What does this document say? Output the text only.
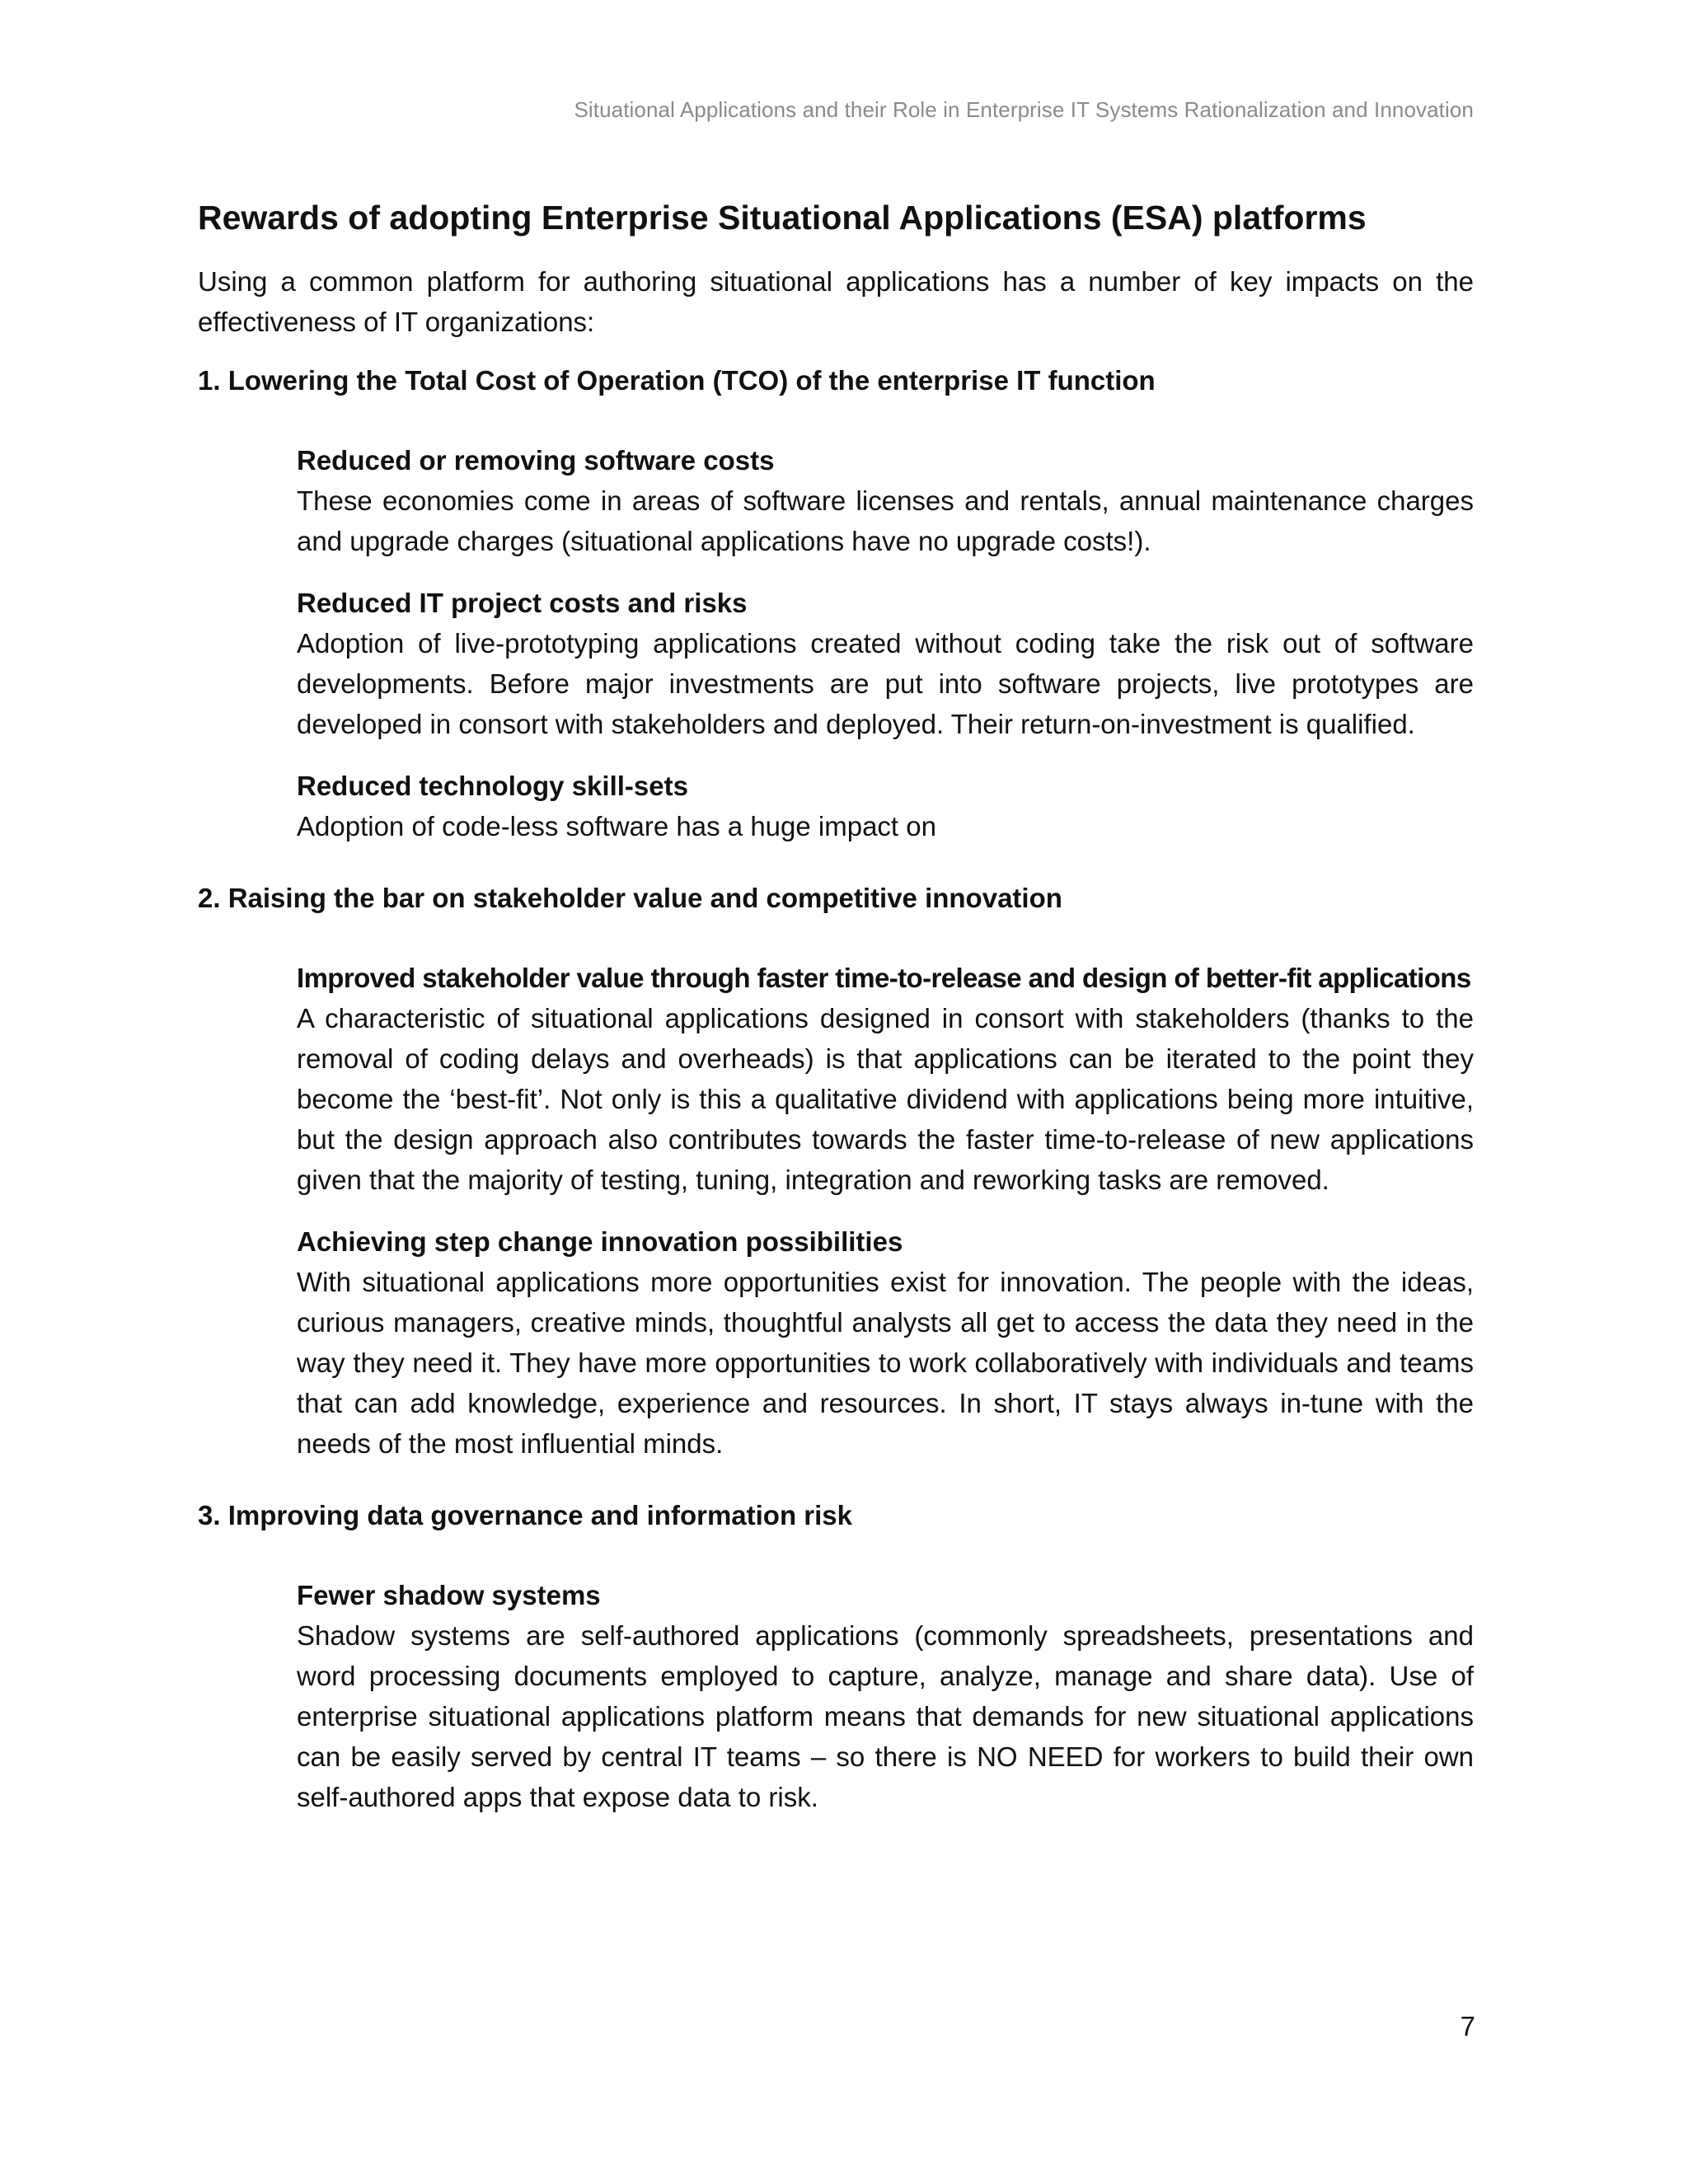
Situational Applications and their Role in Enterprise IT Systems Rationalization and Innovation
Rewards of adopting Enterprise Situational Applications (ESA) platforms

Using a common platform for authoring situational applications has a number of key impacts on the effectiveness of IT organizations:

1. Lowering the Total Cost of Operation (TCO) of the enterprise IT function

Reduced or removing software costs

These economies come in areas of software licenses and rentals, annual maintenance charges and upgrade charges (situational applications have no upgrade costs!).

Reduced IT project costs and risks

Adoption of live-prototyping applications created without coding take the risk out of software developments. Before major investments are put into software projects, live prototypes are developed in consort with stakeholders and deployed. Their return-on-investment is qualified.

Reduced technology skill-sets

Adoption of code-less software has a huge impact on

2. Raising the bar on stakeholder value and competitive innovation

Improved stakeholder value through faster time-to-release and design of better-fit applications

A characteristic of situational applications designed in consort with stakeholders (thanks to the removal of coding delays and overheads) is that applications can be iterated to the point they become the ‘best-fit’. Not only is this a qualitative dividend with applications being more intuitive, but the design approach also contributes towards the faster time-to-release of new applications given that the majority of testing, tuning, integration and reworking tasks are removed.

Achieving step change innovation possibilities

With situational applications more opportunities exist for innovation. The people with the ideas, curious managers, creative minds, thoughtful analysts all get to access the data they need in the way they need it. They have more opportunities to work collaboratively with individuals and teams that can add knowledge, experience and resources. In short, IT stays always in-tune with the needs of the most influential minds.

3. Improving data governance and information risk

Fewer shadow systems

Shadow systems are self-authored applications (commonly spreadsheets, presentations and word processing documents employed to capture, analyze, manage and share data). Use of enterprise situational applications platform means that demands for new situational applications can be easily served by central IT teams – so there is NO NEED for workers to build their own self-authored apps that expose data to risk.

7
